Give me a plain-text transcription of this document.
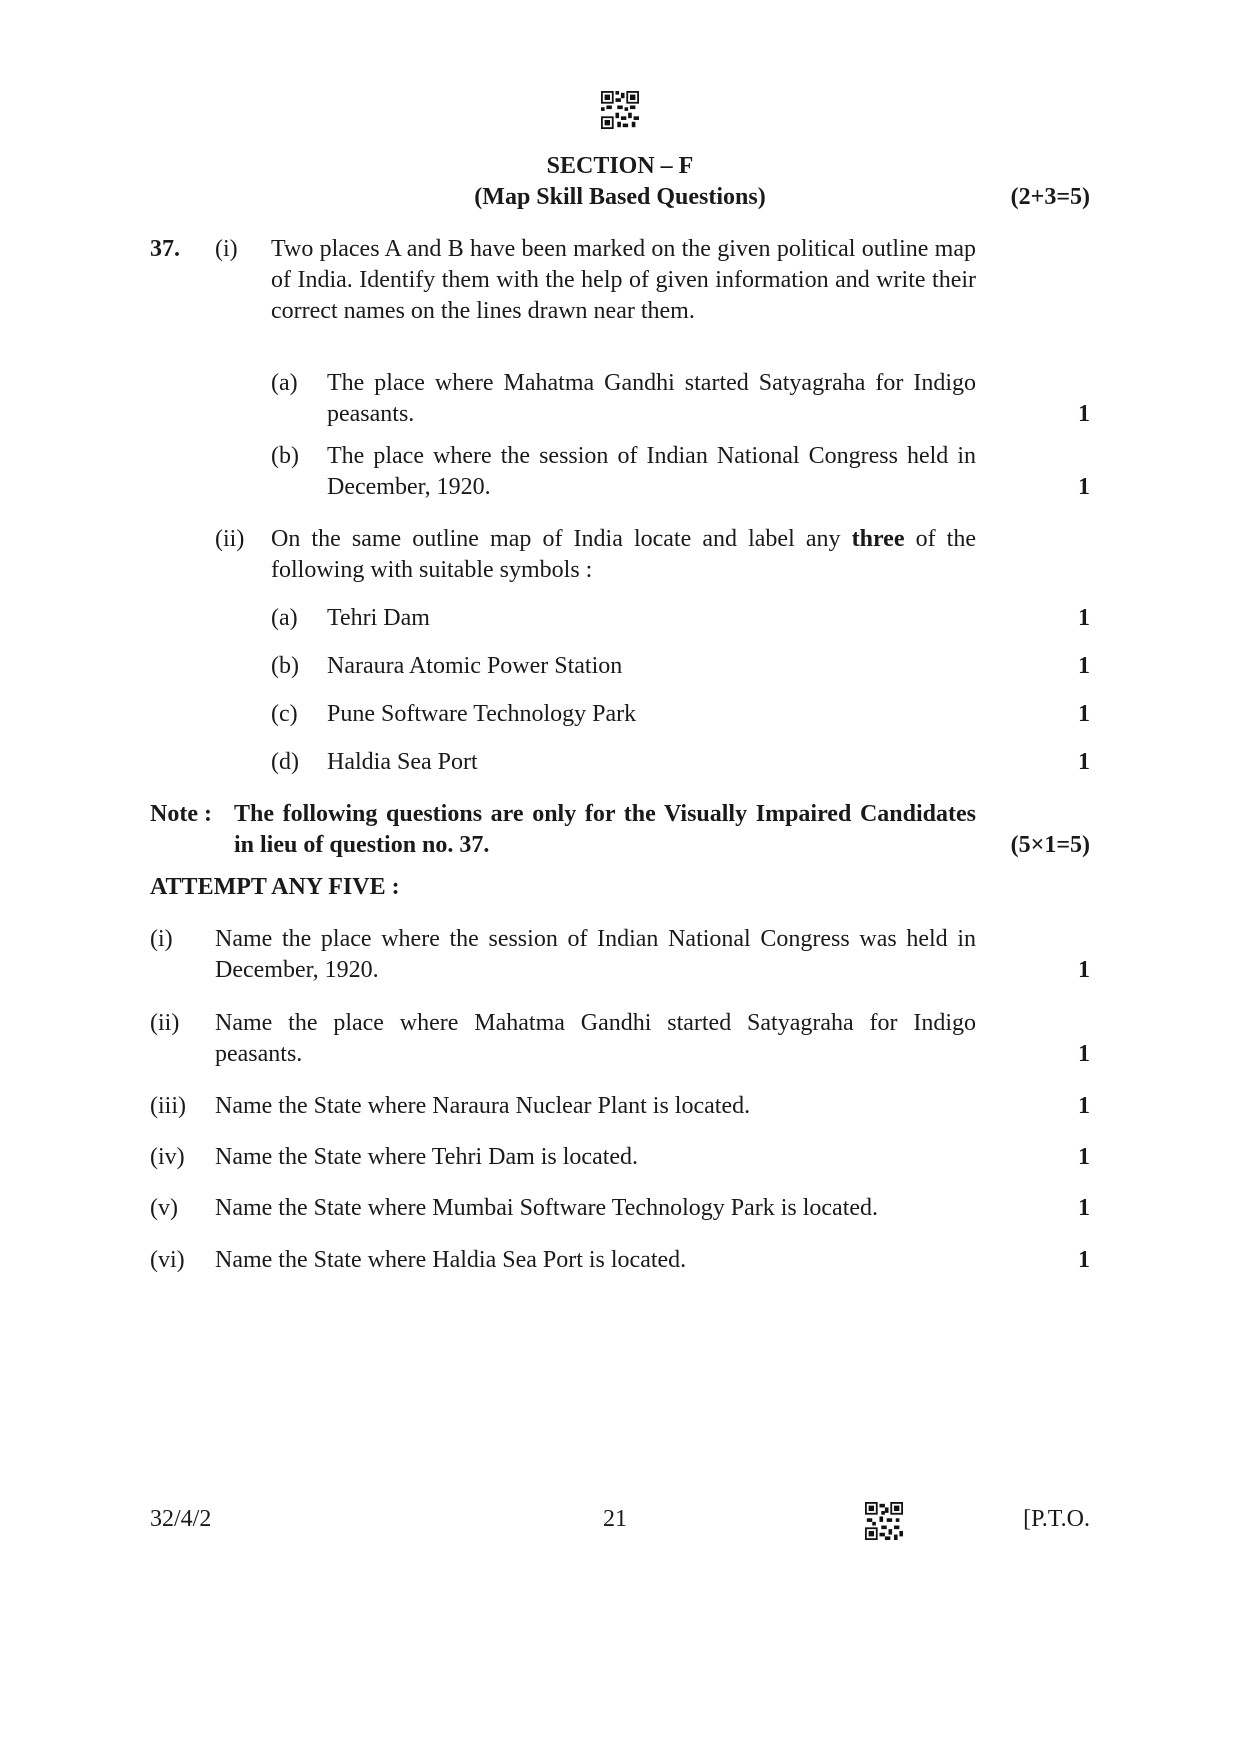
SECTION – F
(Map Skill Based Questions)	(2+3=5)
37. (i) Two places A and B have been marked on the given political outline map of India. Identify them with the help of given information and write their correct names on the lines drawn near them.
(a) The place where Mahatma Gandhi started Satyagraha for Indigo peasants.	1
(b) The place where the session of Indian National Congress held in December, 1920.	1
(ii) On the same outline map of India locate and label any three of the following with suitable symbols :
(a) Tehri Dam	1
(b) Naraura Atomic Power Station	1
(c) Pune Software Technology Park	1
(d) Haldia Sea Port	1
Note : The following questions are only for the Visually Impaired Candidates in lieu of question no. 37.	(5×1=5)
ATTEMPT ANY FIVE :
(i) Name the place where the session of Indian National Congress was held in December, 1920.	1
(ii) Name the place where Mahatma Gandhi started Satyagraha for Indigo peasants.	1
(iii) Name the State where Naraura Nuclear Plant is located.	1
(iv) Name the State where Tehri Dam is located.	1
(v) Name the State where Mumbai Software Technology Park is located.	1
(vi) Name the State where Haldia Sea Port is located.	1
32/4/2	21	[P.T.O.
